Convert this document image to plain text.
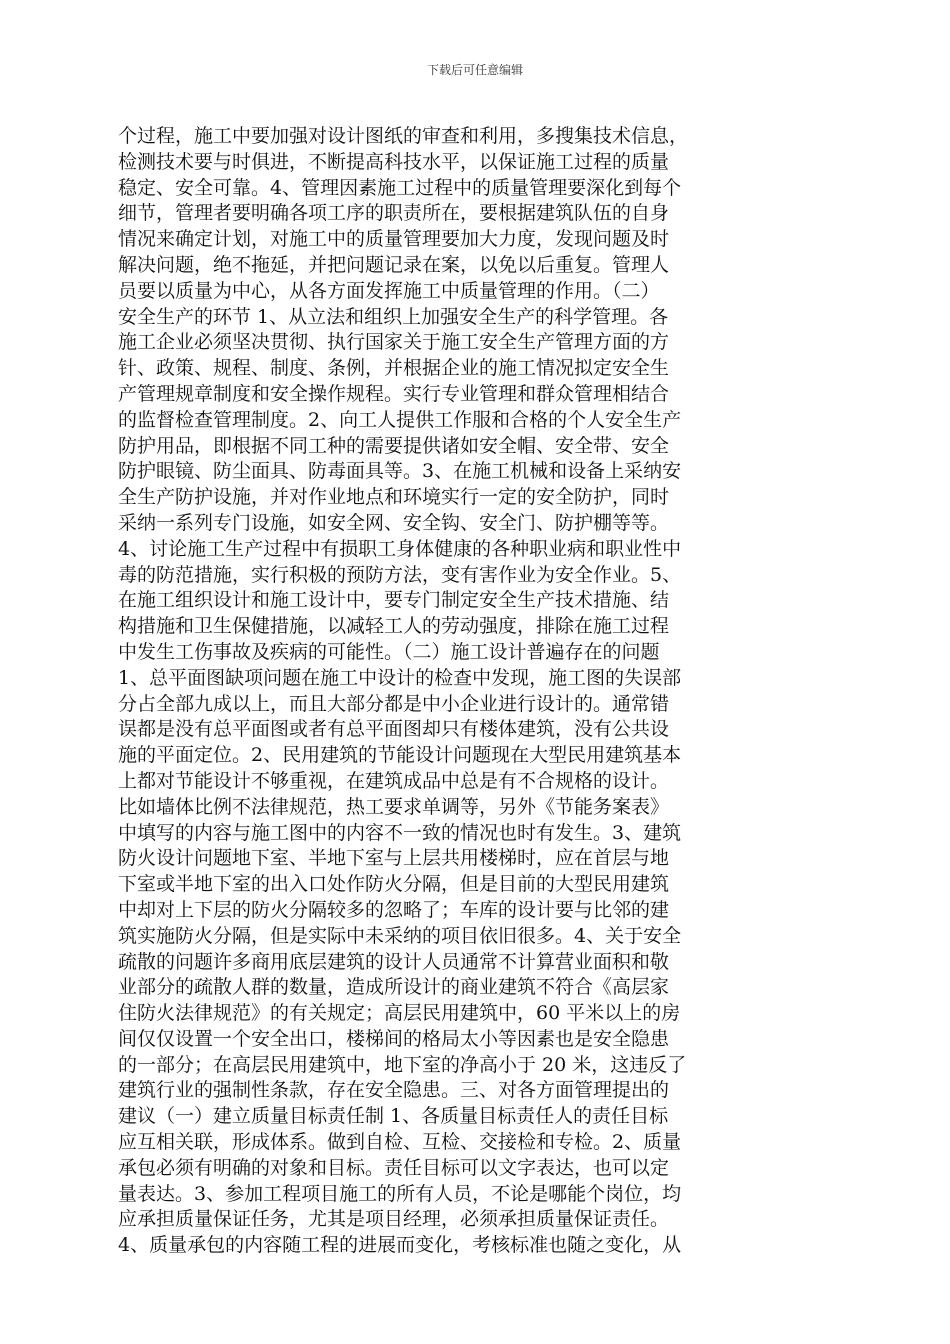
下载后可任意编辑
个过程，施工中要加强对设计图纸的审查和利用，多搜集技术信息，
检测技术要与时俱进，不断提高科技水平，以保证施工过程的质量
稳定、安全可靠。4、管理因素施工过程中的质量管理要深化到每个
细节，管理者要明确各项工序的职责所在，要根据建筑队伍的自身
情况来确定计划，对施工中的质量管理要加大力度，发现问题及时
解决问题，绝不拖延，并把问题记录在案，以免以后重复。管理人
员要以质量为中心，从各方面发挥施工中质量管理的作用。（二）
安全生产的环节 1、从立法和组织上加强安全生产的科学管理。各
施工企业必须坚决贯彻、执行国家关于施工安全生产管理方面的方
针、政策、规程、制度、条例，并根据企业的施工情况拟定安全生
产管理规章制度和安全操作规程。实行专业管理和群众管理相结合
的监督检查管理制度。2、向工人提供工作服和合格的个人安全生产
防护用品，即根据不同工种的需要提供诸如安全帽、安全带、安全
防护眼镜、防尘面具、防毒面具等。3、在施工机械和设备上采纳安
全生产防护设施，并对作业地点和环境实行一定的安全防护，同时
采纳一系列专门设施，如安全网、安全钩、安全门、防护棚等等。
4、讨论施工生产过程中有损职工身体健康的各种职业病和职业性中
毒的防范措施，实行积极的预防方法，变有害作业为安全作业。5、
在施工组织设计和施工设计中，要专门制定安全生产技术措施、结
构措施和卫生保健措施，以减轻工人的劳动强度，排除在施工过程
中发生工伤事故及疾病的可能性。（二）施工设计普遍存在的问题
1、总平面图缺项问题在施工中设计的检查中发现，施工图的失误部
分占全部九成以上，而且大部分都是中小企业进行设计的。通常错
误都是没有总平面图或者有总平面图却只有楼体建筑，没有公共设
施的平面定位。2、民用建筑的节能设计问题现在大型民用建筑基本
上都对节能设计不够重视，在建筑成品中总是有不合规格的设计。
比如墙体比例不法律规范，热工要求单调等，另外《节能务案表》
中填写的内容与施工图中的内容不一致的情况也时有发生。3、建筑
防火设计问题地下室、半地下室与上层共用楼梯时，应在首层与地
下室或半地下室的出入口处作防火分隔，但是目前的大型民用建筑
中却对上下层的防火分隔较多的忽略了；车库的设计要与比邻的建
筑实施防火分隔，但是实际中未采纳的项目依旧很多。4、关于安全
疏散的问题许多商用底层建筑的设计人员通常不计算营业面积和敬
业部分的疏散人群的数量，造成所设计的商业建筑不符合《高层家
住防火法律规范》的有关规定；高层民用建筑中，60 平米以上的房
间仅仅设置一个安全出口，楼梯间的格局太小等因素也是安全隐患
的一部分；在高层民用建筑中，地下室的净高小于 20 米，这违反了
建筑行业的强制性条款，存在安全隐患。三、对各方面管理提出的
建议（一）建立质量目标责任制 1、各质量目标责任人的责任目标
应互相关联，形成体系。做到自检、互检、交接检和专检。2、质量
承包必须有明确的对象和目标。责任目标可以文字表达，也可以定
量表达。3、参加工程项目施工的所有人员，不论是哪能个岗位，均
应承担质量保证任务，尤其是项目经理，必须承担质量保证责任。
4、质量承包的内容随工程的进展而变化，考核标准也随之变化，从
